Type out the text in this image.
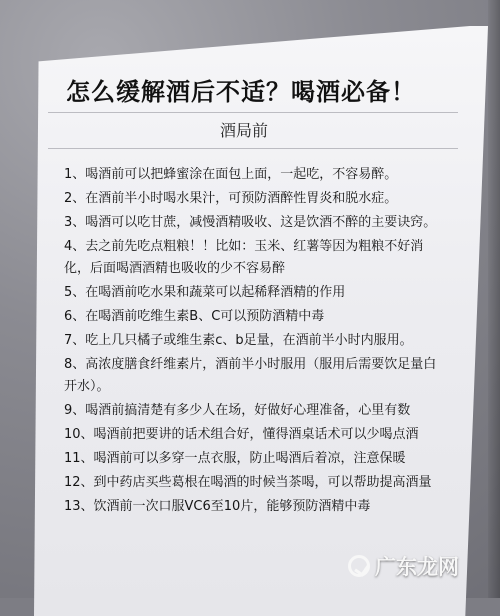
怎么缓解酒后不适？喝酒必备！
酒局前
1、喝酒前可以把蜂蜜涂在面包上面，一起吃，不容易醉。
2、在酒前半小时喝水果汁，可预防酒醉性胃炎和脱水症。
3、喝酒可以吃甘蔗，减慢酒精吸收、这是饮酒不醉的主要诀窍。
4、去之前先吃点粗粮！！比如：玉米、红薯等因为粗粮不好消化，后面喝酒酒精也吸收的少不容易醉
5、在喝酒前吃水果和蔬菜可以起稀释酒精的作用
6、在喝酒前吃维生素B、C可以预防酒精中毒
7、吃上几只橘子或维生素c、b足量，在酒前半小时内服用。
8、高浓度膳食纤维素片，酒前半小时服用（服用后需要饮足量白开水）。
9、喝酒前搞清楚有多少人在场，好做好心理准备，心里有数
10、喝酒前把要讲的话术组合好，懂得酒桌话术可以少喝点酒
11、喝酒前可以多穿一点衣服，防止喝酒后着凉，注意保暖
12、到中药店买些葛根在喝酒的时候当茶喝，可以帮助提高酒量
13、饮酒前一次口服VC6至10片，能够预防酒精中毒
广东龙网
